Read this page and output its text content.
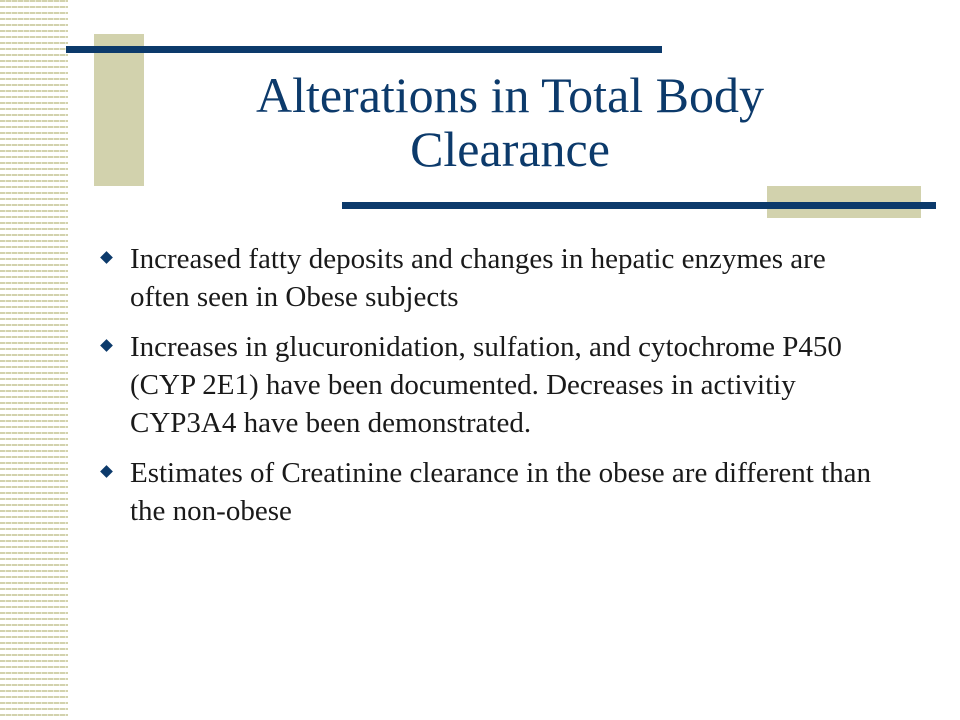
Alterations in Total Body
Clearance
Increased fatty deposits and changes in hepatic enzymes are often seen in Obese subjects
Increases in glucuronidation, sulfation, and cytochrome P450 (CYP 2E1) have been documented. Decreases in activitiy CYP3A4 have been demonstrated.
Estimates of Creatinine clearance in the obese are different than the non-obese
